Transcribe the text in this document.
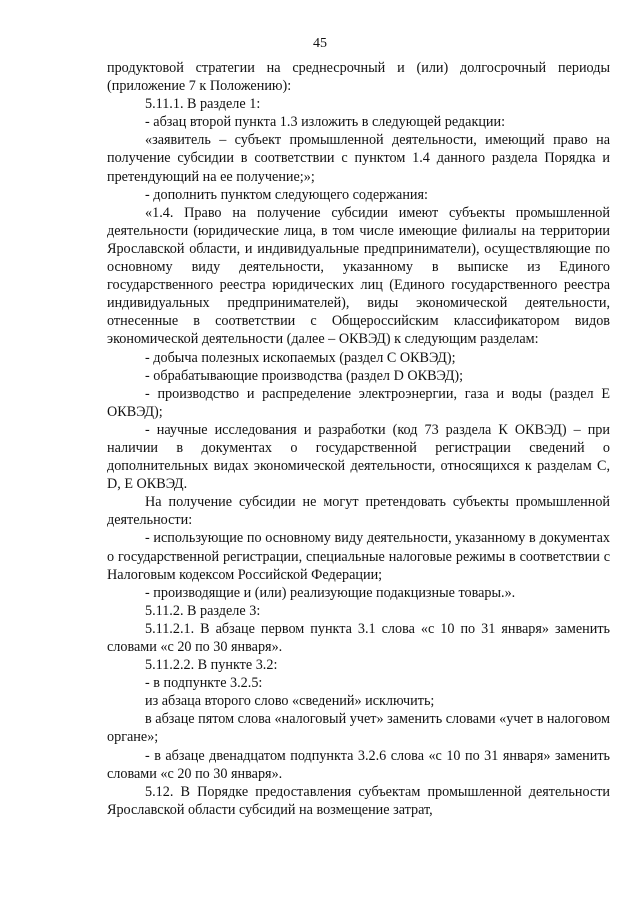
45

продуктовой стратегии на среднесрочный и (или) долгосрочный периоды (приложение 7 к Положению):

5.11.1. В разделе 1:

- абзац второй пункта 1.3 изложить в следующей редакции:

«заявитель – субъект промышленной деятельности, имеющий право на получение субсидии в соответствии с пунктом 1.4 данного раздела Порядка и претендующий на ее получение;»;

- дополнить пунктом следующего содержания:

«1.4. Право на получение субсидии имеют субъекты промышленной деятельности (юридические лица, в том числе имеющие филиалы на территории Ярославской области, и индивидуальные предприниматели), осуществляющие по основному виду деятельности, указанному в выписке из Единого государственного реестра юридических лиц (Единого государственного реестра индивидуальных предпринимателей), виды экономической деятельности, отнесенные в соответствии с Общероссийским классификатором видов экономической деятельности (далее – ОКВЭД) к следующим разделам:

- добыча полезных ископаемых (раздел С ОКВЭД);

- обрабатывающие производства (раздел D ОКВЭД);

- производство и распределение электроэнергии, газа и воды (раздел Е ОКВЭД);

- научные исследования и разработки (код 73 раздела К ОКВЭД) – при наличии в документах о государственной регистрации сведений о дополнительных видах экономической деятельности, относящихся к разделам С, D, Е ОКВЭД.

На получение субсидии не могут претендовать субъекты промышленной деятельности:

- использующие по основному виду деятельности, указанному в документах о государственной регистрации, специальные налоговые режимы в соответствии с Налоговым кодексом Российской Федерации;

- производящие и (или) реализующие подакцизные товары.».

5.11.2. В разделе 3:

5.11.2.1. В абзаце первом пункта 3.1 слова «с 10 по 31 января» заменить словами «с 20 по 30 января».

5.11.2.2. В пункте 3.2:

- в подпункте 3.2.5:

из абзаца второго слово «сведений» исключить;

в абзаце пятом слова «налоговый учет» заменить словами «учет в налоговом органе»;

- в абзаце двенадцатом подпункта 3.2.6 слова «с 10 по 31 января» заменить словами «с 20 по 30 января».

5.12. В Порядке предоставления субъектам промышленной деятельности Ярославской области субсидий на возмещение затрат,
